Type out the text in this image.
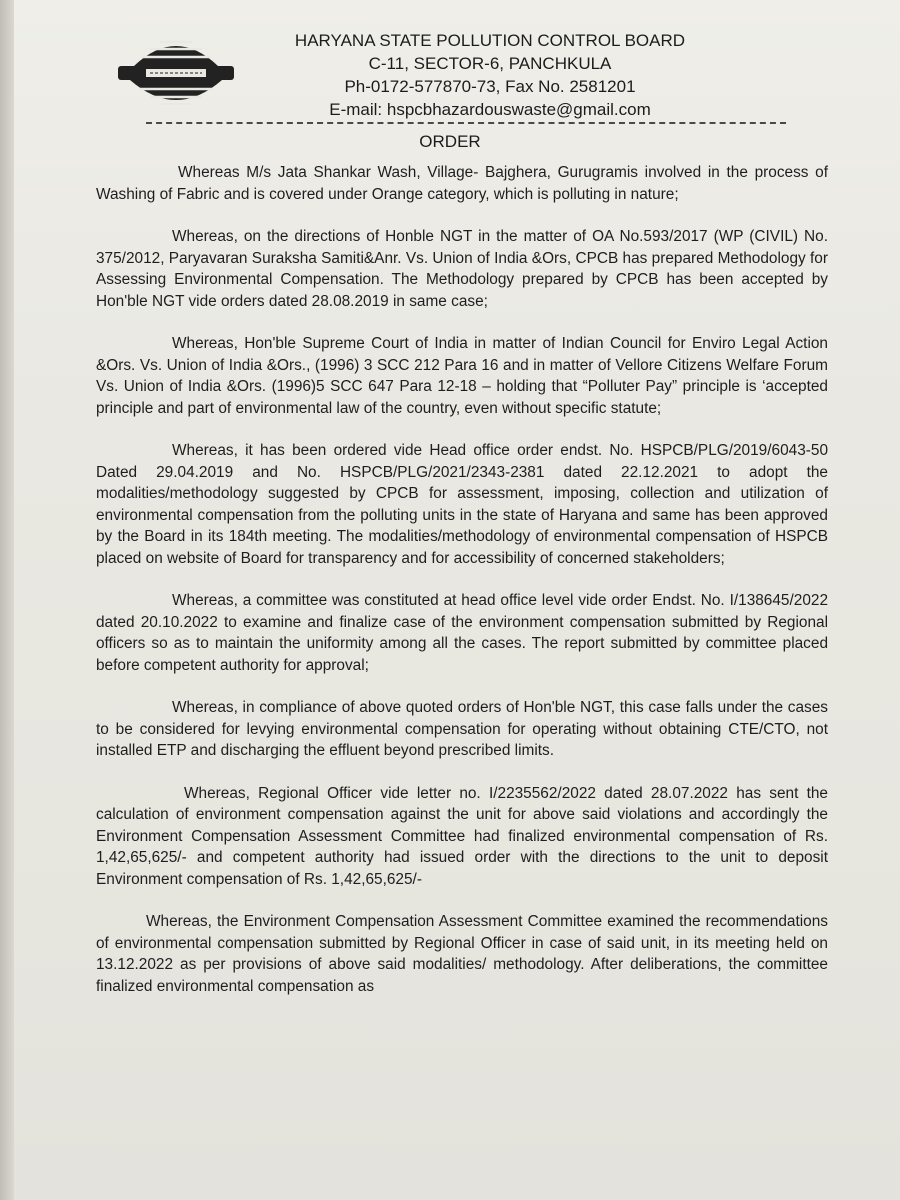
HARYANA STATE POLLUTION CONTROL BOARD
C-11, SECTOR-6, PANCHKULA
Ph-0172-577870-73, Fax No. 2581201
E-mail: hspcbhazardouswaste@gmail.com
ORDER

Whereas M/s Jata Shankar Wash, Village- Bajghera, Gurugramis involved in the process of Washing of Fabric and is covered under Orange category, which is polluting in nature;

Whereas, on the directions of Honble NGT in the matter of OA No.593/2017 (WP (CIVIL) No. 375/2012, Paryavaran Suraksha Samiti&Anr. Vs. Union of India &Ors, CPCB has prepared Methodology for Assessing Environmental Compensation. The Methodology prepared by CPCB has been accepted by Hon'ble NGT vide orders dated 28.08.2019 in same case;

Whereas, Hon'ble Supreme Court of India in matter of Indian Council for Enviro Legal Action &Ors. Vs. Union of India &Ors., (1996) 3 SCC 212 Para 16 and in matter of Vellore Citizens Welfare Forum Vs. Union of India &Ors. (1996)5 SCC 647 Para 12-18 – holding that “Polluter Pay” principle is ‘accepted principle and part of environmental law of the country, even without specific statute;

Whereas, it has been ordered vide Head office order endst. No. HSPCB/PLG/2019/6043-50 Dated 29.04.2019 and No. HSPCB/PLG/2021/2343-2381 dated 22.12.2021 to adopt the modalities/methodology suggested by CPCB for assessment, imposing, collection and utilization of environmental compensation from the polluting units in the state of Haryana and same has been approved by the Board in its 184th meeting. The modalities/methodology of environmental compensation of HSPCB placed on website of Board for transparency and for accessibility of concerned stakeholders;

Whereas, a committee was constituted at head office level vide order Endst. No. I/138645/2022 dated 20.10.2022 to examine and finalize case of the environment compensation submitted by Regional officers so as to maintain the uniformity among all the cases. The report submitted by committee placed before competent authority for approval;

Whereas, in compliance of above quoted orders of Hon'ble NGT, this case falls under the cases to be considered for levying environmental compensation for operating without obtaining CTE/CTO, not installed ETP and discharging the effluent beyond prescribed limits.

Whereas, Regional Officer vide letter no. I/2235562/2022 dated 28.07.2022 has sent the calculation of environment compensation against the unit for above said violations and accordingly the Environment Compensation Assessment Committee had finalized environmental compensation of Rs. 1,42,65,625/- and competent authority had issued order with the directions to the unit to deposit Environment compensation of Rs. 1,42,65,625/-

Whereas, the Environment Compensation Assessment Committee examined the recommendations of environmental compensation submitted by Regional Officer in case of said unit, in its meeting held on 13.12.2022 as per provisions of above said modalities/ methodology. After deliberations, the committee finalized environmental compensation as
